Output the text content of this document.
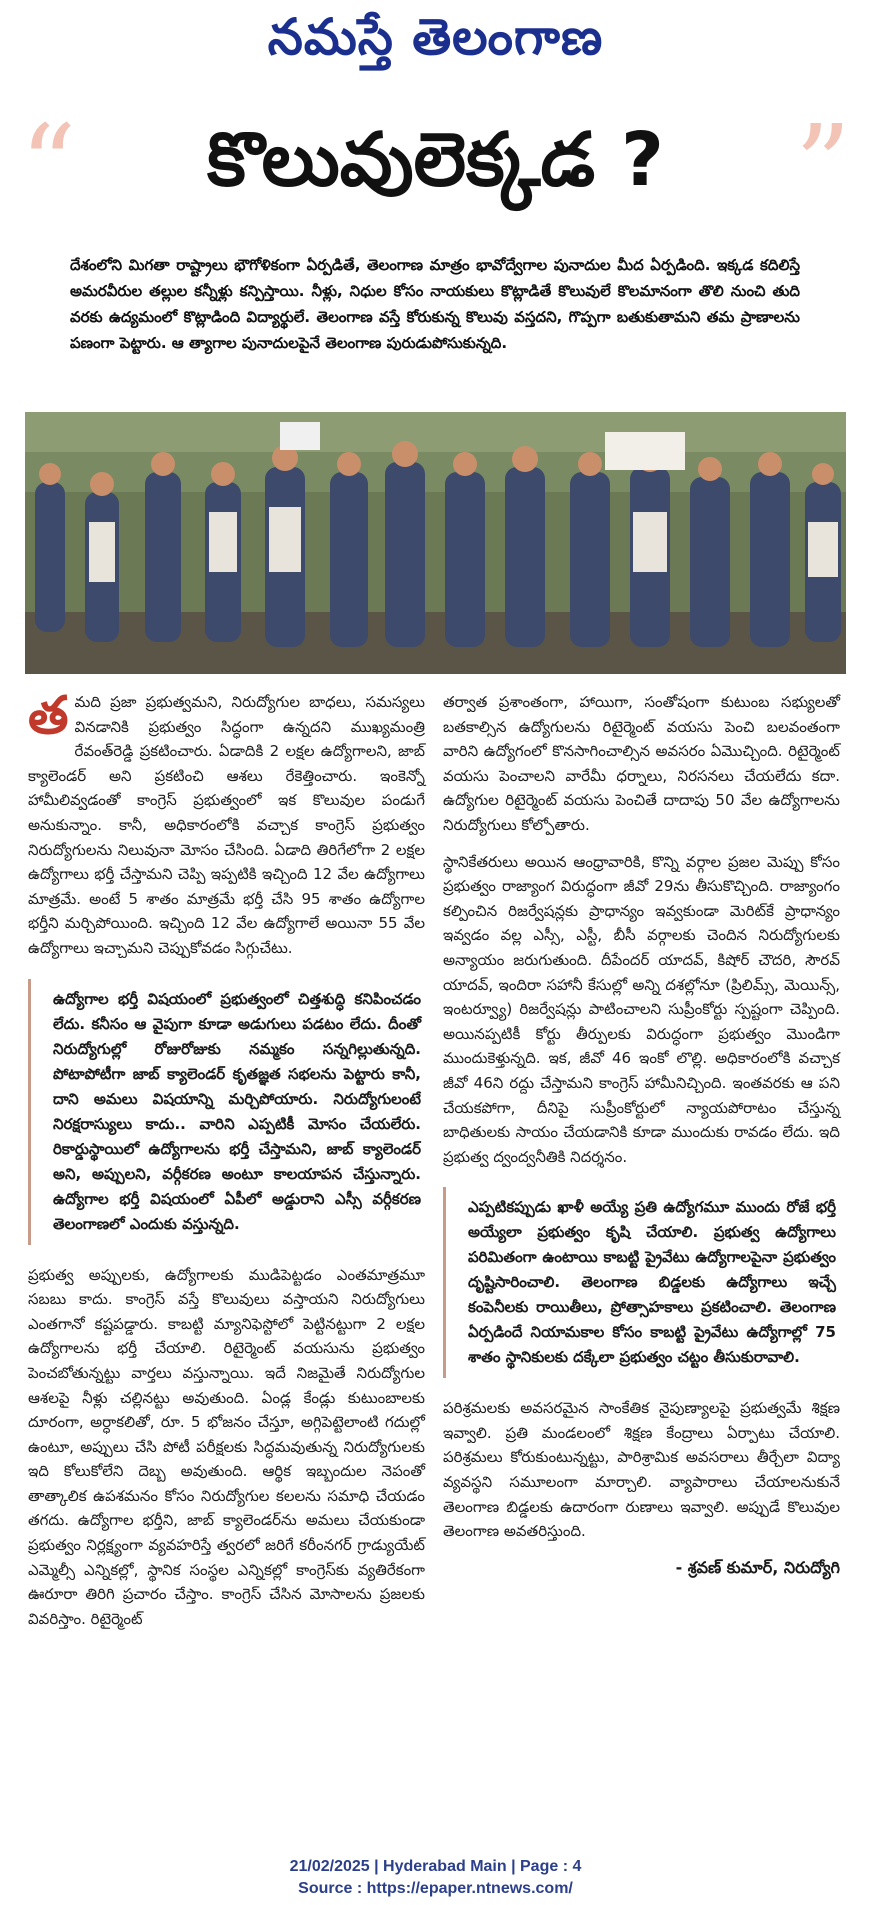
నమస్తే తెలంగాణ
“	కొలువులెక్కడ ?	”
దేశంలోని మిగతా రాష్ట్రాలు భౌగోళికంగా ఏర్పడితే, తెలంగాణ మాత్రం భావోద్వేగాల పునాదుల మీద ఏర్పడింది. ఇక్కడ కదిలిస్తే అమరవీరుల తల్లుల కన్నీళ్లు కన్పిస్తాయి. నీళ్లు, నిధుల కోసం నాయకులు కొట్లాడితే కొలువులే కొలమానంగా తొలి నుంచి తుది వరకు ఉద్యమంలో కొట్లాడింది విద్యార్థులే. తెలంగాణ వస్తే కోరుకున్న కొలువు వస్తదని, గొప్పగా బతుకుతామని తమ ప్రాణాలను పణంగా పెట్టారు. ఆ త్యాగాల పునాదులపైనే తెలంగాణ పురుడుపోసుకున్నది.

త మది ప్రజా ప్రభుత్వమని, నిరుద్యోగుల బాధలు, సమస్యలు వినడానికి ప్రభుత్వం సిద్ధంగా ఉన్నదని ముఖ్యమంత్రి రేవంత్‌రెడ్డి ప్రకటించారు. ఏడాదికి 2 లక్షల ఉద్యోగాలని, జాబ్ క్యాలెండర్ అని ప్రకటించి ఆశలు రేకెత్తించారు. ఇంకెన్నో హామీలివ్వడంతో కాంగ్రెస్ ప్రభుత్వంలో ఇక కొలువుల పండుగే అనుకున్నాం. కానీ, అధికారంలోకి వచ్చాక కాంగ్రెస్ ప్రభుత్వం నిరుద్యోగులను నిలువునా మోసం చేసింది. ఏడాది తిరిగేలోగా 2 లక్షల ఉద్యోగాలు భర్తీ చేస్తామని చెప్పి ఇప్పటికి ఇచ్చింది 12 వేల ఉద్యోగాలు మాత్రమే. అంటే 5 శాతం మాత్రమే భర్తీ చేసి 95 శాతం ఉద్యోగాల భర్తీని మర్చిపోయింది. ఇచ్చింది 12 వేల ఉద్యోగాలే అయినా 55 వేల ఉద్యోగాలు ఇచ్చామని చెప్పుకోవడం సిగ్గుచేటు.

ఉద్యోగాల భర్తీ విషయంలో ప్రభుత్వంలో చిత్తశుద్ధి కనిపించడం లేదు. కనీసం ఆ వైపుగా కూడా అడుగులు పడటం లేదు. దీంతో నిరుద్యోగుల్లో రోజురోజుకు నమ్మకం సన్నగిల్లుతున్నది. పోటాపోటీగా జాబ్ క్యాలెండర్ కృతజ్ఞత సభలను పెట్టారు కానీ, దాని అమలు విషయాన్ని మర్చిపోయారు. నిరుద్యోగులంటే నిరక్షరాస్యులు కాదు.. వారిని ఎప్పటికీ మోసం చేయలేరు. రికార్డుస్థాయిలో ఉద్యోగాలను భర్తీ చేస్తామని, జాబ్ క్యాలెండర్ అని, అప్పులని, వర్గీకరణ అంటూ కాలయాపన చేస్తున్నారు. ఉద్యోగాల భర్తీ విషయంలో ఏపీలో అడ్డురాని ఎస్సీ వర్గీకరణ తెలంగాణలో ఎందుకు వస్తున్నది.

ప్రభుత్వ అప్పులకు, ఉద్యోగాలకు ముడిపెట్టడం ఎంతమాత్రమూ సబబు కాదు. కాంగ్రెస్ వస్తే కొలువులు వస్తాయని నిరుద్యోగులు ఎంతగానో కష్టపడ్డారు. కాబట్టి మ్యానిఫెస్టోలో పెట్టినట్టుగా 2 లక్షల ఉద్యోగాలను భర్తీ చేయాలి. రిటైర్మెంట్ వయసును ప్రభుత్వం పెంచబోతున్నట్టు వార్తలు వస్తున్నాయి. ఇదే నిజమైతే నిరుద్యోగుల ఆశలపై నీళ్లు చల్లినట్టు అవుతుంది. ఏండ్ల కేండ్లు కుటుంబాలకు దూరంగా, అర్ధాకలితో, రూ. 5 భోజనం చేస్తూ, అగ్గిపెట్టెలాంటి గదుల్లో ఉంటూ, అప్పులు చేసి పోటీ పరీక్షలకు సిద్ధమవుతున్న నిరుద్యోగులకు ఇది కోలుకోలేని దెబ్బ అవుతుంది. ఆర్థిక ఇబ్బందుల నెపంతో తాత్కాలిక ఉపశమనం కోసం నిరుద్యోగుల కలలను సమాధి చేయడం తగదు. ఉద్యోగాల భర్తీని, జాబ్ క్యాలెండర్‌ను అమలు చేయకుండా ప్రభుత్వం నిర్లక్ష్యంగా వ్యవహరిస్తే త్వరలో జరిగే కరీంనగర్ గ్రాడ్యుయేట్ ఎమ్మెల్సీ ఎన్నికల్లో, స్థానిక సంస్థల ఎన్నికల్లో కాంగ్రెస్‌కు వ్యతిరేకంగా ఊరూరా తిరిగి ప్రచారం చేస్తాం. కాంగ్రెస్ చేసిన మోసాలను ప్రజలకు వివరిస్తాం. రిటైర్మెంట్

తర్వాత ప్రశాంతంగా, హాయిగా, సంతోషంగా కుటుంబ సభ్యులతో బతకాల్సిన ఉద్యోగులను రిటైర్మెంట్ వయసు పెంచి బలవంతంగా వారిని ఉద్యోగంలో కొనసాగించాల్సిన అవసరం ఏమొచ్చింది. రిటైర్మెంట్ వయసు పెంచాలని వారేమీ ధర్నాలు, నిరసనలు చేయలేదు కదా. ఉద్యోగుల రిటైర్మెంట్ వయసు పెంచితే దాదాపు 50 వేల ఉద్యోగాలను నిరుద్యోగులు కోల్పోతారు.

స్థానికేతరులు అయిన ఆంధ్రావారికి, కొన్ని వర్గాల ప్రజల మెప్పు కోసం ప్రభుత్వం రాజ్యాంగ విరుద్ధంగా జీవో 29ను తీసుకొచ్చింది. రాజ్యాంగం కల్పించిన రిజర్వేషన్లకు ప్రాధాన్యం ఇవ్వకుండా మెరిట్‌కే ప్రాధాన్యం ఇవ్వడం వల్ల ఎస్సీ, ఎస్టీ, బీసీ వర్గాలకు చెందిన నిరుద్యోగులకు అన్యాయం జరుగుతుంది. దీపేందర్ యాదవ్, కిషోర్ చౌదరి, సౌరవ్ యాదవ్, ఇందిరా సహానీ కేసుల్లో అన్ని దశల్లోనూ (ప్రిలిమ్స్, మెయిన్స్, ఇంటర్వ్యూ) రిజర్వేషన్లు పాటించాలని సుప్రీంకోర్టు స్పష్టంగా చెప్పింది. అయినప్పటికీ కోర్టు తీర్పులకు విరుద్ధంగా ప్రభుత్వం మొండిగా ముందుకెళ్తున్నది. ఇక, జీవో 46 ఇంకో లొల్లి. అధికారంలోకి వచ్చాక జీవో 46ని రద్దు చేస్తామని కాంగ్రెస్ హామీనిచ్చింది. ఇంతవరకు ఆ పని చేయకపోగా, దీనిపై సుప్రీంకోర్టులో న్యాయపోరాటం చేస్తున్న బాధితులకు సాయం చేయడానికి కూడా ముందుకు రావడం లేదు. ఇది ప్రభుత్వ ద్వంద్వనీతికి నిదర్శనం.

ఎప్పటికప్పుడు ఖాళీ అయ్యే ప్రతి ఉద్యోగమూ ముందు రోజే భర్తీ అయ్యేలా ప్రభుత్వం కృషి చేయాలి. ప్రభుత్వ ఉద్యోగాలు పరిమితంగా ఉంటాయి కాబట్టి ప్రైవేటు ఉద్యోగాలపైనా ప్రభుత్వం దృష్టిసారించాలి. తెలంగాణ బిడ్డలకు ఉద్యోగాలు ఇచ్చే కంపెనీలకు రాయితీలు, ప్రోత్సాహకాలు ప్రకటించాలి. తెలంగాణ ఏర్పడిందే నియామకాల కోసం కాబట్టి ప్రైవేటు ఉద్యోగాల్లో 75 శాతం స్థానికులకు దక్కేలా ప్రభుత్వం చట్టం తీసుకురావాలి.

పరిశ్రమలకు అవసరమైన సాంకేతిక నైపుణ్యాలపై ప్రభుత్వమే శిక్షణ ఇవ్వాలి. ప్రతి మండలంలో శిక్షణ కేంద్రాలు ఏర్పాటు చేయాలి. పరిశ్రమలు కోరుకుంటున్నట్టు, పారిశ్రామిక అవసరాలు తీర్చేలా విద్యా వ్యవస్థని సమూలంగా మార్చాలి. వ్యాపారాలు చేయాలనుకునే తెలంగాణ బిడ్డలకు ఉదారంగా రుణాలు ఇవ్వాలి. అప్పుడే కొలువుల తెలంగాణ అవతరిస్తుంది.

- శ్రవణ్ కుమార్, నిరుద్యోగి
21/02/2025 | Hyderabad Main | Page : 4
Source : https://epaper.ntnews.com/
